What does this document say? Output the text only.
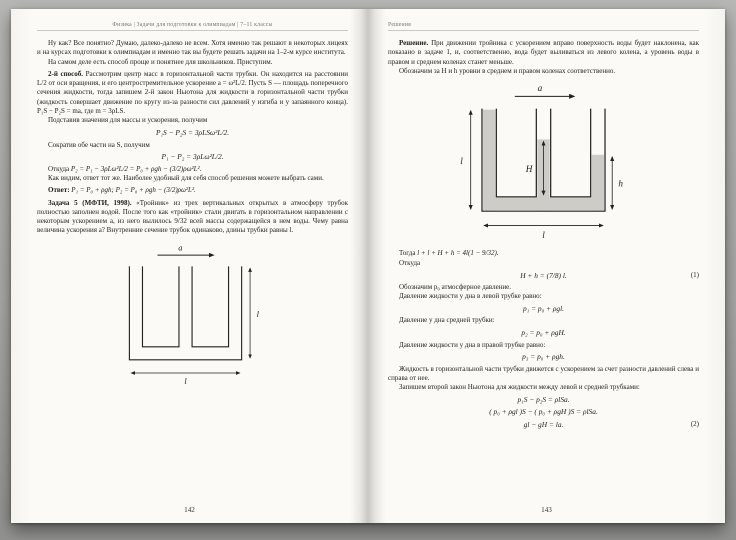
Физика | Задачи для подготовки к олимпиадам | 7–11 классы

Ну как? Все понятно? Думаю, далеко-далеко не всем. Хотя именно так решают в некоторых лицеях и на курсах подготовки к олимпиадам и именно так вы будете решать задачи на 1–2-м курсе института.

На самом деле есть способ проще и понятнее для школьников. Приступим.

2-й способ. Рассмотрим центр масс в горизонтальной части трубки. Он находится на расстоянии L/2 от оси вращения, и его центростремительное ускорение a = ω²L/2. Пусть S — площадь поперечного сечения жидкости, тогда запишем 2-й закон Ньютона для жидкости в горизонтальной части трубки (жидкость совершает движение по кругу из-за разности сил давлений у изгиба и у запаянного конца). P₁S − P₂S = ma, где m = 3ρLS.

Подставив значения для массы и ускорения, получим

P₁S − P₂S = 3ρLSω²L/2.

Сократив обе части на S, получим

P₁ − P₂ = 3ρLω²L/2.

Откуда P₂ = P₁ − 3ρLω²L/2 = P₀ + ρgh − (3/2)ρω²L².

Как видим, ответ тот же. Наиболее удобный для себя способ решения можете выбрать сами.

Ответ: P₁ = P₀ + ρgh; P₂ = P₀ + ρgh − (3/2)ρω²L².

Задача 5 (МФТИ, 1998). «Тройник» из трех вертикальных открытых в атмосферу трубок полностью заполнен водой. После того как «тройник» стали двигать в горизонтальном направлении с некоторым ускорением a, из него вылилось 9/32 всей массы содержащейся в нем воды. Чему равна величина ускорения a? Внутренние сечение трубок одинаково, длины трубки равны l.

a⃗
l
l
142
Решения

Решение. При движении тройника с ускорением вправо поверхность воды будет наклонена, как показано в задаче 1, и, соответственно, вода будет выливаться из левого колена, а уровень воды в правом и среднем коленах станет меньше.

Обозначим за H и h уровни в среднем и правом коленах соответственно.

a⃗
H
h
l
l

Тогда l + l + H + h = 4l(1 − 9/32).

Откуда

H + h = (7/8) l.	(1)

Обозначим p₀ атмосферное давление.

Давление жидкости у дна в левой трубке равно:

p₁ = p₀ + ρgl.

Давление у дна средней трубки:

p₂ = p₀ + ρgH.

Давление жидкости у дна в правой трубке равно:

p₃ = p₀ + ρgh.

Жидкость в горизонтальной части трубки движется с ускорением за счет разности давлений слева и справа от нее.

Запишем второй закон Ньютона для жидкости между левой и средней трубками:

p₁S − p₂S = ρlSa.
( p₀ + ρgl )S − ( p₀ + ρgH )S = ρlSa.
gl − gH = la.	(2)
143
